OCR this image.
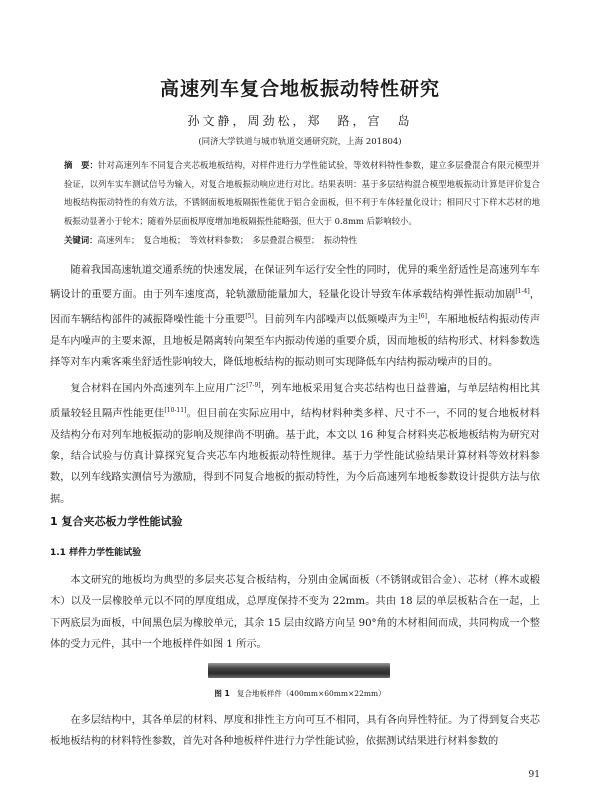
高速列车复合地板振动特性研究
孙文静，周劲松，郑　路，宫　岛
(同济大学铁道与城市轨道交通研究院，上海 201804)
摘　要：针对高速列车不同复合夹芯板地板结构，对样件进行力学性能试验，等效材料特性参数，建立多层叠混合有限元模型并验证，以列车实车测试信号为输入，对复合地板振动响应进行对比。结果表明：基于多层结构混合模型地板振动计算是评价复合地板结构振动特性的有效方法，不锈钢面板地板隔振性能优于铝合金面板，但不利于车体轻量化设计；相同尺寸下样木芯材的地板振动显著小于轮木；随着外层面板厚度增加地板隔振性能略强，但大于 0.8mm 后影响较小。
关键词：高速列车；　复合地板；　等效材料参数；　多层叠混合模型；　振动特性
随着我国高速轨道交通系统的快速发展，在保证列车运行安全性的同时，优异的乘坐舒适性是高速列车车辆设计的重要方面。由于列车速度高，轮轨激励能量加大，轻量化设计导致车体承载结构弹性振动加剧[1-4]，因而车辆结构部件的减振降噪性能十分重要[5]。目前列车内部噪声以低频噪声为主[6]，车厢地板结构振动传声是车内噪声的主要来源，且地板是隔离转向架至车内振动传递的重要介质，因而地板的结构形式、材料参数选择等对车内乘客乘坐舒适性影响较大，降低地板结构的振动则可实现降低车内结构振动噪声的目的。
复合材料在国内外高速列车上应用广泛[7-9]，列车地板采用复合夹芯结构也日益普遍，与单层结构相比其质量较轻且隔声性能更佳[10-11]。但目前在实际应用中，结构材料种类多样、尺寸不一，不同的复合地板材料及结构分布对列车地板振动的影响及规律尚不明确。基于此，本文以 16 种复合材料夹芯板地板结构为研究对象，结合试验与仿真计算探究复合夹芯车内地板振动特性规律。基于力学性能试验结果计算材料等效材料参数，以列车线路实测信号为激励，得到不同复合地板的振动特性，为今后高速列车地板参数设计提供方法与依据。
1 复合夹芯板力学性能试验
1.1 样件力学性能试验
本文研究的地板均为典型的多层夹芯复合板结构，分别由金属面板（不锈钢或铝合金）、芯材（桦木或椴木）以及一层橡胶单元以不同的厚度组成，总厚度保持不变为 22mm。共由 18 层的单层板粘合在一起，上下两底层为面板，中间黑色层为橡胶单元，其余 15 层由纹路方向呈 90°角的木材相间而成，共同构成一个整体的受力元件，其中一个地板样件如图 1 所示。
图 1 复合地板样件（400mm×60mm×22mm）
在多层结构中，其各单层的材料、厚度和排性主方向可互不相同，具有各向异性特征。为了得到复合夹芯板地板结构的材料特性参数，首先对各种地板样件进行力学性能试验，依据测试结果进行材料参数的
91
